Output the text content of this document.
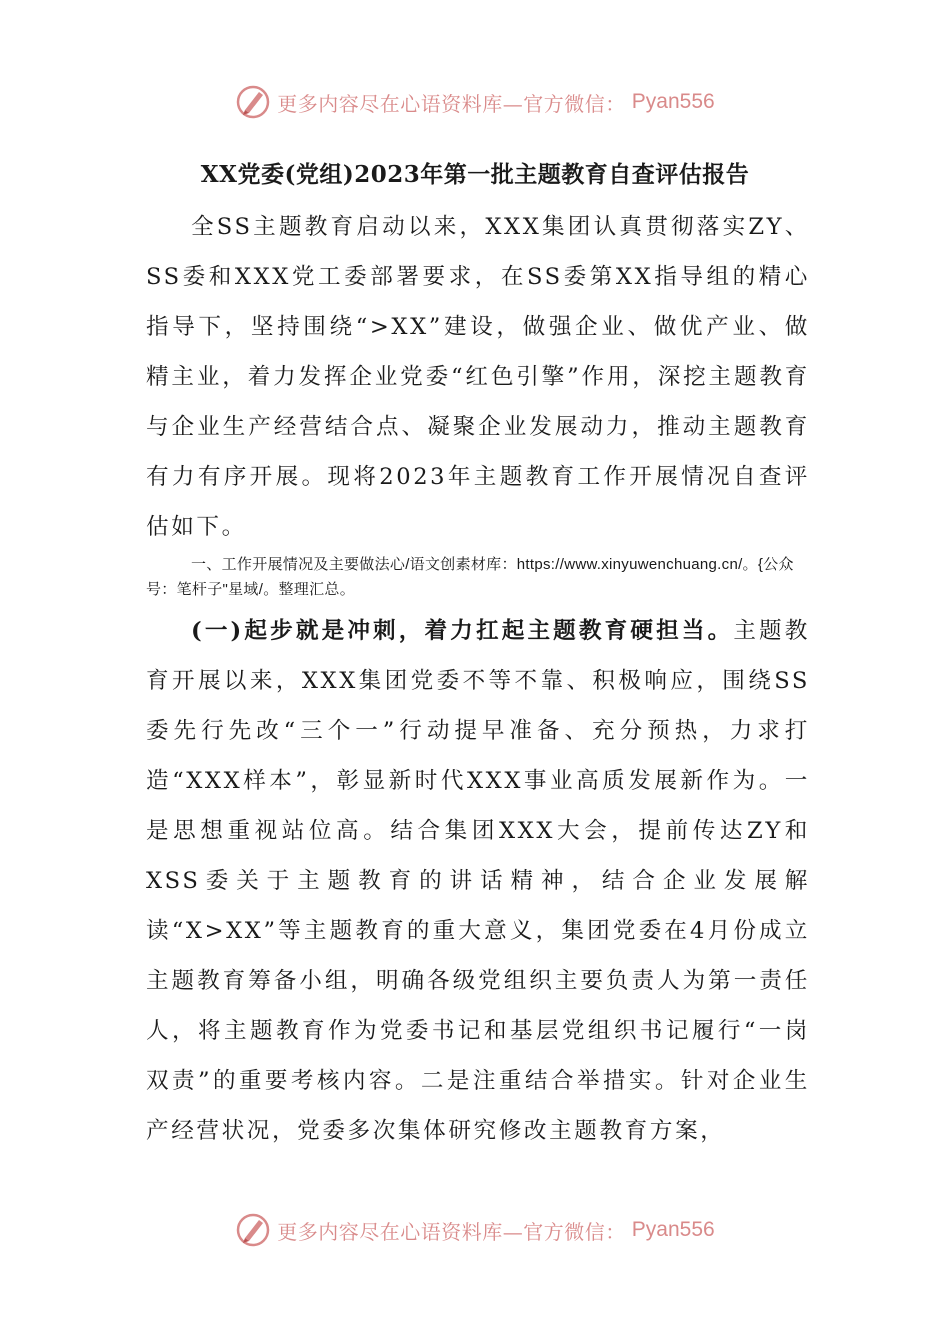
更多内容尽在心语资料库—官方微信： Pyan556
XX党委(党组)2023年第一批主题教育自查评估报告

全SS主题教育启动以来，XXX集团认真贯彻落实ZY、SS委和XXX党工委部署要求，在SS委第XX指导组的精心指导下，坚持围绕“>XX”建设，做强企业、做优产业、做精主业，着力发挥企业党委“红色引擎”作用，深挖主题教育与企业生产经营结合点、凝聚企业发展动力，推动主题教育有力有序开展。现将2023年主题教育工作开展情况自查评估如下。

一、工作开展情况及主要做法心/语文创素材库：https://www.xinyuwenchuang.cn/。{公众号：笔杆子"星域/。整理汇总。

(一)起步就是冲刺，着力扛起主题教育硬担当。主题教育开展以来，XXX集团党委不等不靠、积极响应，围绕SS委先行先改“三个一”行动提早准备、充分预热，力求打造“XXX样本”，彰显新时代XXX事业高质发展新作为。一是思想重视站位高。结合集团XXX大会，提前传达ZY和XSS委关于主题教育的讲话精神，结合企业发展解读“X>XX”等主题教育的重大意义，集团党委在4月份成立主题教育筹备小组，明确各级党组织主要负责人为第一责任人，将主题教育作为党委书记和基层党组织书记履行“一岗双责”的重要考核内容。二是注重结合举措实。针对企业生产经营状况，党委多次集体研究修改主题教育方案，

更多内容尽在心语资料库—官方微信： Pyan556
